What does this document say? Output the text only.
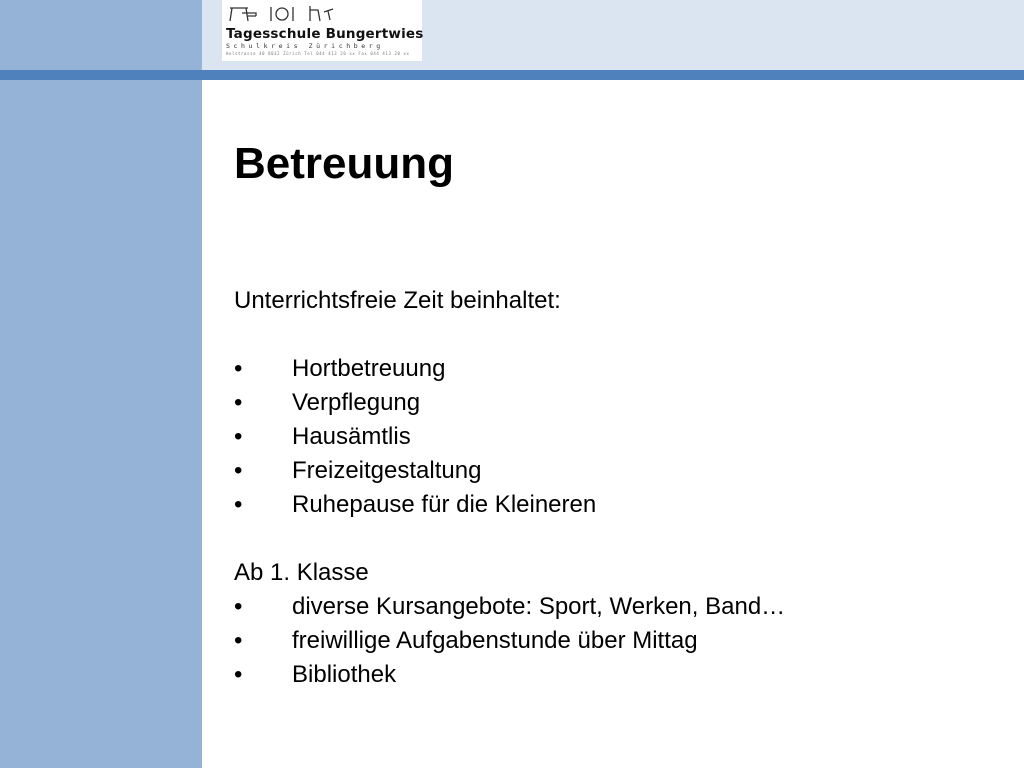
Tagesschule Bungertwies
Schulkreis Zürichberg
Holstrasse 40 8032 Zürich Tel 044 413 20 xx Fax 044 413 20 xx
Betreuung
Unterrichtsfreie Zeit beinhaltet:
•	Hortbetreuung
•	Verpflegung
•	Hausämtlis
•	Freizeitgestaltung
•	Ruhepause für die Kleineren
Ab 1. Klasse
•	diverse Kursangebote: Sport, Werken, Band…
•	freiwillige Aufgabenstunde über Mittag
•	Bibliothek
